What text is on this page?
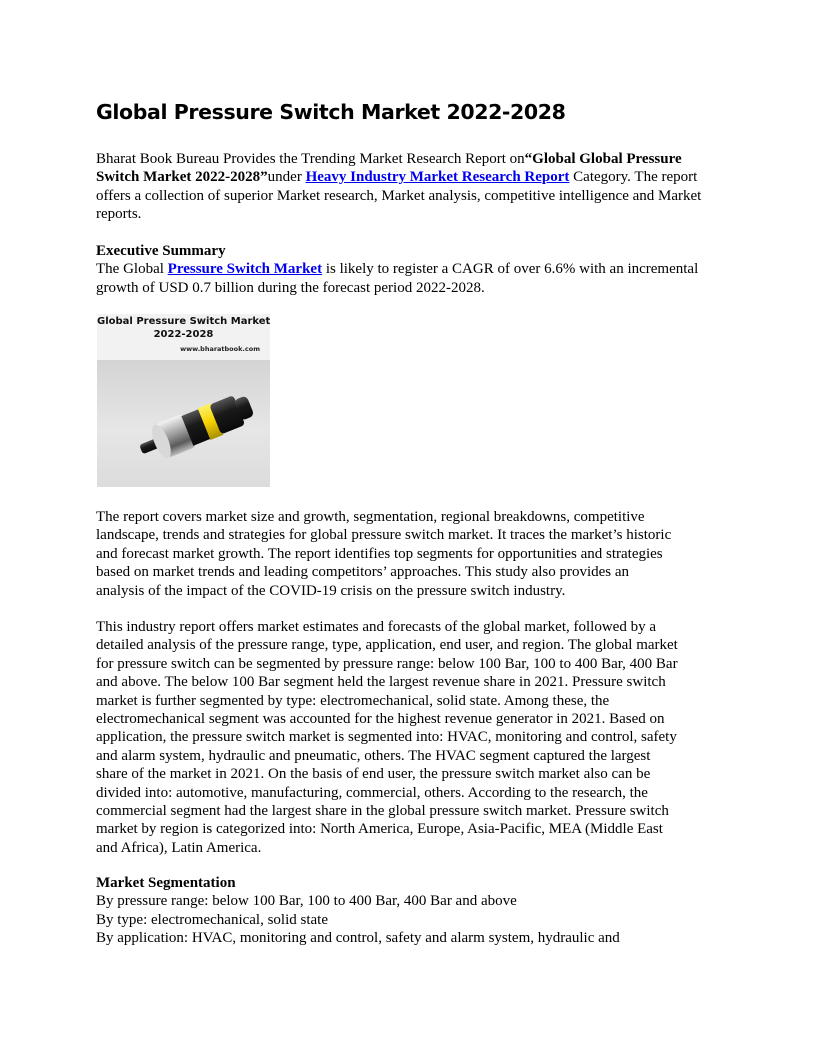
Global Pressure Switch Market 2022-2028

Bharat Book Bureau Provides the Trending Market Research Report on“Global Global Pressure Switch Market 2022-2028”under Heavy Industry Market Research Report Category. The report offers a collection of superior Market research, Market analysis, competitive intelligence and Market reports.

Executive Summary
The Global Pressure Switch Market is likely to register a CAGR of over 6.6% with an incremental growth of USD 0.7 billion during the forecast period 2022-2028.

Global Pressure Switch Market
2022-2028
www.bharatbook.com

The report covers market size and growth, segmentation, regional breakdowns, competitive
landscape, trends and strategies for global pressure switch market. It traces the market’s historic
and forecast market growth. The report identifies top segments for opportunities and strategies
based on market trends and leading competitors’ approaches. This study also provides an
analysis of the impact of the COVID-19 crisis on the pressure switch industry.

This industry report offers market estimates and forecasts of the global market, followed by a
detailed analysis of the pressure range, type, application, end user, and region. The global market
for pressure switch can be segmented by pressure range: below 100 Bar, 100 to 400 Bar, 400 Bar
and above. The below 100 Bar segment held the largest revenue share in 2021. Pressure switch
market is further segmented by type: electromechanical, solid state. Among these, the
electromechanical segment was accounted for the highest revenue generator in 2021. Based on
application, the pressure switch market is segmented into: HVAC, monitoring and control, safety
and alarm system, hydraulic and pneumatic, others. The HVAC segment captured the largest
share of the market in 2021. On the basis of end user, the pressure switch market also can be
divided into: automotive, manufacturing, commercial, others. According to the research, the
commercial segment had the largest share in the global pressure switch market. Pressure switch
market by region is categorized into: North America, Europe, Asia-Pacific, MEA (Middle East
and Africa), Latin America.

Market Segmentation
By pressure range: below 100 Bar, 100 to 400 Bar, 400 Bar and above
By type: electromechanical, solid state
By application: HVAC, monitoring and control, safety and alarm system, hydraulic and
